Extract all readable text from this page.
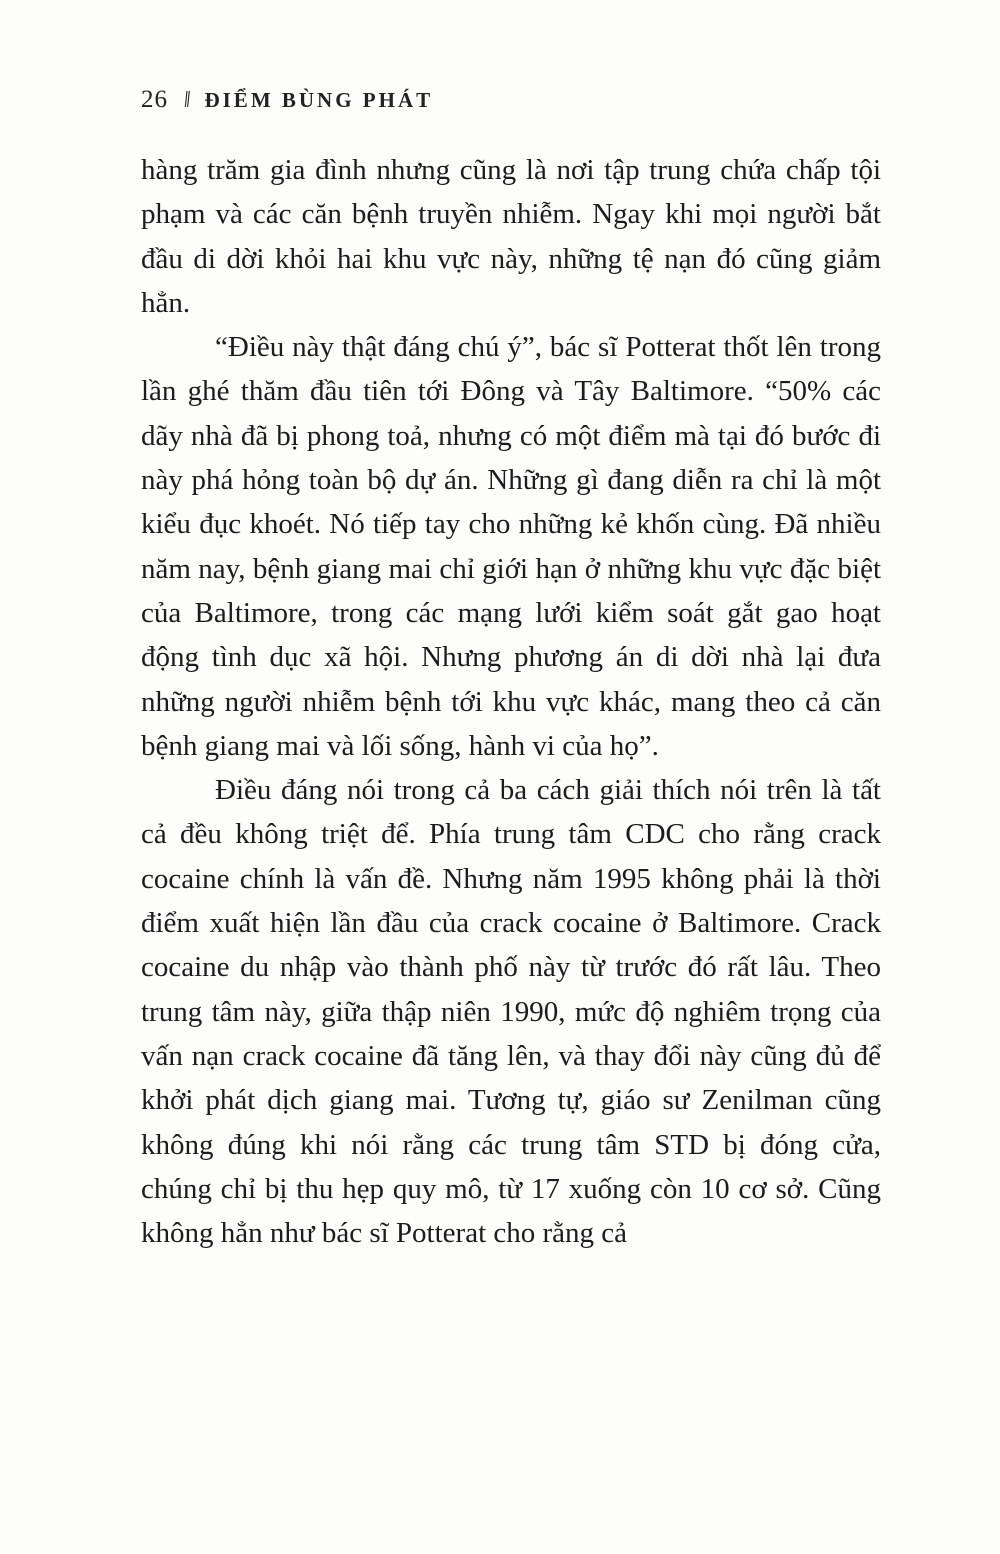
26 ‖ ĐIỂM BÙNG PHÁT

hàng trăm gia đình nhưng cũng là nơi tập trung chứa chấp tội phạm và các căn bệnh truyền nhiễm. Ngay khi mọi người bắt đầu di dời khỏi hai khu vực này, những tệ nạn đó cũng giảm hẳn.

“Điều này thật đáng chú ý”, bác sĩ Potterat thốt lên trong lần ghé thăm đầu tiên tới Đông và Tây Baltimore. “50% các dãy nhà đã bị phong toả, nhưng có một điểm mà tại đó bước đi này phá hỏng toàn bộ dự án. Những gì đang diễn ra chỉ là một kiểu đục khoét. Nó tiếp tay cho những kẻ khốn cùng. Đã nhiều năm nay, bệnh giang mai chỉ giới hạn ở những khu vực đặc biệt của Baltimore, trong các mạng lưới kiểm soát gắt gao hoạt động tình dục xã hội. Nhưng phương án di dời nhà lại đưa những người nhiễm bệnh tới khu vực khác, mang theo cả căn bệnh giang mai và lối sống, hành vi của họ”.

Điều đáng nói trong cả ba cách giải thích nói trên là tất cả đều không triệt để. Phía trung tâm CDC cho rằng crack cocaine chính là vấn đề. Nhưng năm 1995 không phải là thời điểm xuất hiện lần đầu của crack cocaine ở Baltimore. Crack cocaine du nhập vào thành phố này từ trước đó rất lâu. Theo trung tâm này, giữa thập niên 1990, mức độ nghiêm trọng của vấn nạn crack cocaine đã tăng lên, và thay đổi này cũng đủ để khởi phát dịch giang mai. Tương tự, giáo sư Zenilman cũng không đúng khi nói rằng các trung tâm STD bị đóng cửa, chúng chỉ bị thu hẹp quy mô, từ 17 xuống còn 10 cơ sở. Cũng không hẳn như bác sĩ Potterat cho rằng cả
